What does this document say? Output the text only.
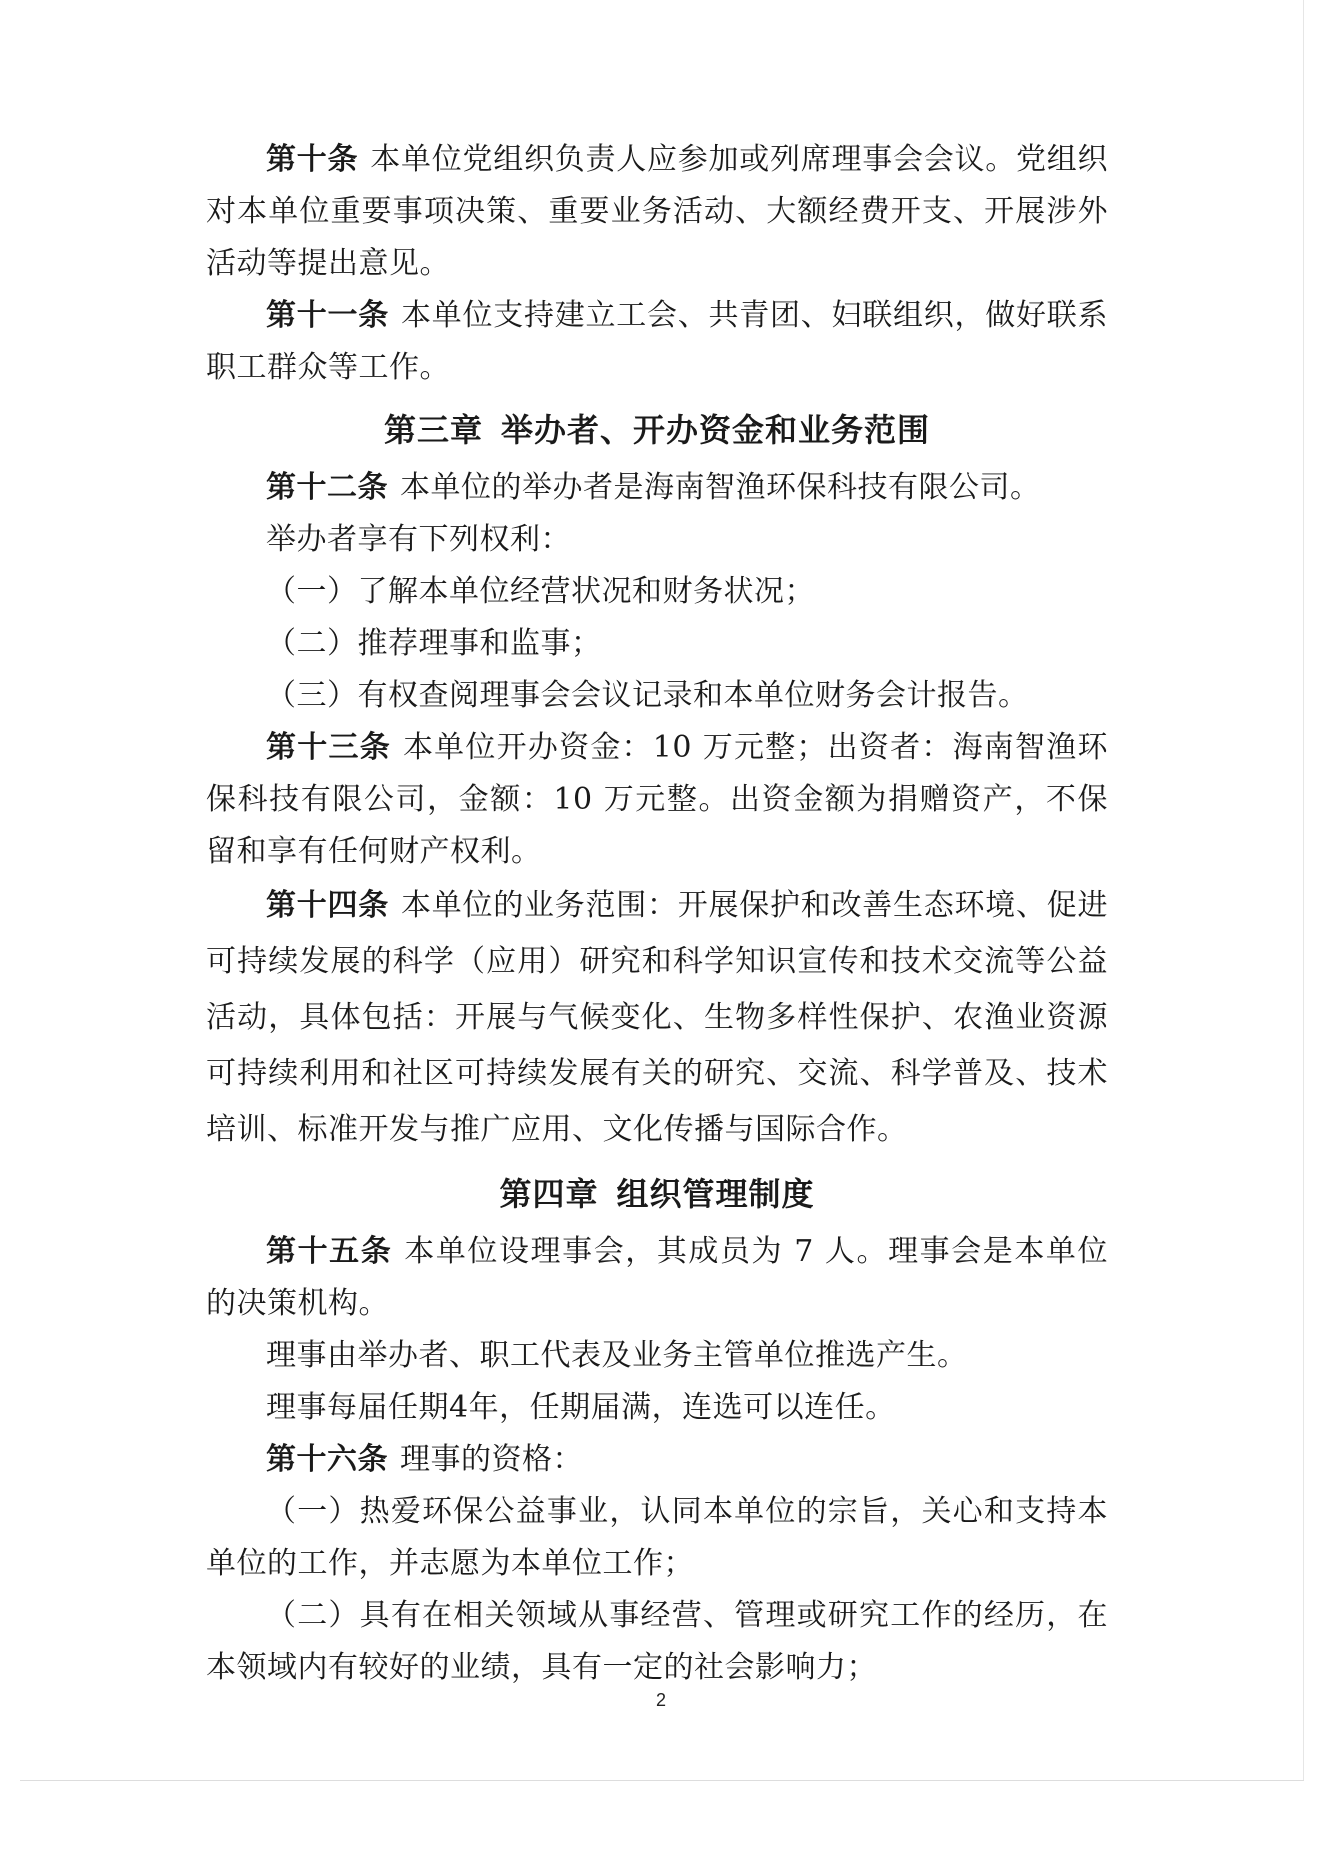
第十条 本单位党组织负责人应参加或列席理事会会议。党组织对本单位重要事项决策、重要业务活动、大额经费开支、开展涉外活动等提出意见。

第十一条 本单位支持建立工会、共青团、妇联组织，做好联系职工群众等工作。

第三章 举办者、开办资金和业务范围

第十二条 本单位的举办者是海南智渔环保科技有限公司。

举办者享有下列权利：

（一）了解本单位经营状况和财务状况；

（二）推荐理事和监事；

（三）有权查阅理事会会议记录和本单位财务会计报告。

第十三条 本单位开办资金：10 万元整；出资者：海南智渔环保科技有限公司，金额：10 万元整。出资金额为捐赠资产，不保留和享有任何财产权利。

第十四条 本单位的业务范围：开展保护和改善生态环境、促进可持续发展的科学（应用）研究和科学知识宣传和技术交流等公益活动，具体包括：开展与气候变化、生物多样性保护、农渔业资源可持续利用和社区可持续发展有关的研究、交流、科学普及、技术培训、标准开发与推广应用、文化传播与国际合作。

第四章 组织管理制度

第十五条 本单位设理事会，其成员为 7 人。理事会是本单位的决策机构。

理事由举办者、职工代表及业务主管单位推选产生。

理事每届任期4年，任期届满，连选可以连任。

第十六条 理事的资格：

（一）热爱环保公益事业，认同本单位的宗旨，关心和支持本单位的工作，并志愿为本单位工作；

（二）具有在相关领域从事经营、管理或研究工作的经历，在本领域内有较好的业绩，具有一定的社会影响力；

2
